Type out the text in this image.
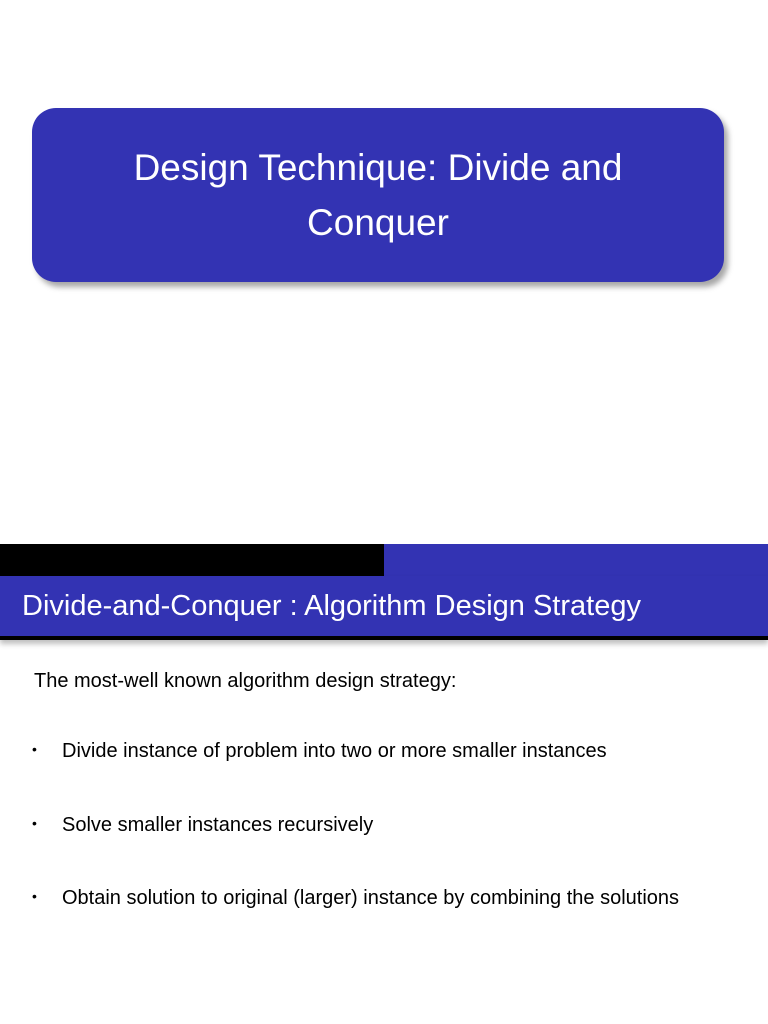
Design Technique: Divide and
Conquer
Divide-and-Conquer : Algorithm Design Strategy
The most-well known algorithm design strategy:
•	Divide instance of problem into two or more smaller instances
•	Solve smaller instances recursively
•	Obtain solution to original (larger) instance by combining the solutions
